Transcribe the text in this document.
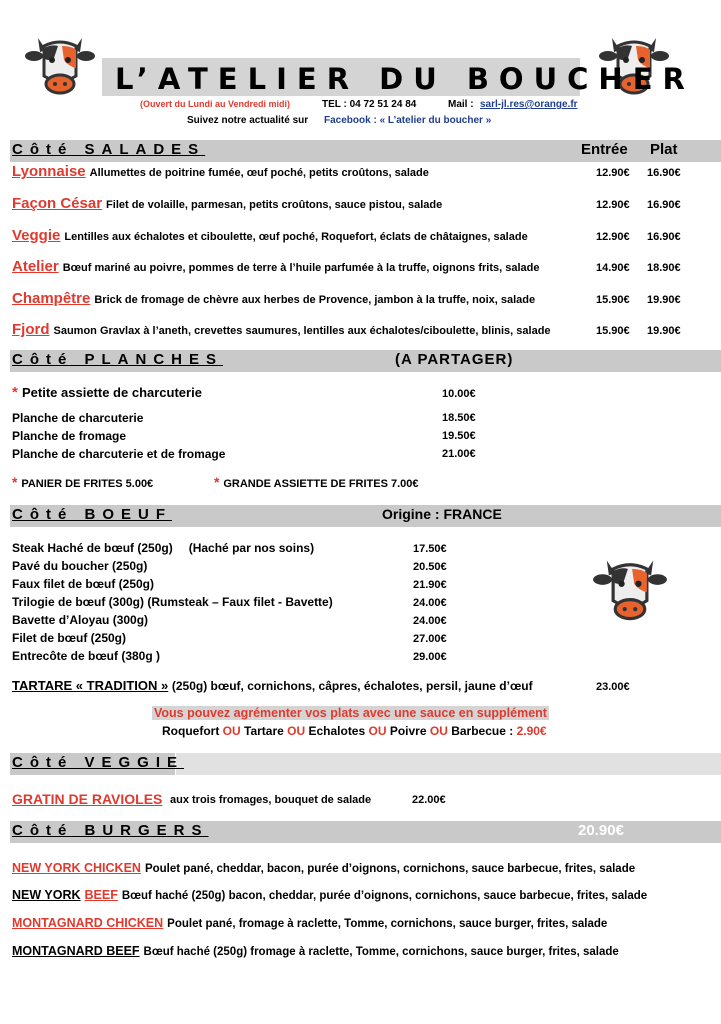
L’ATELIER DU BOUCHER
(Ouvert du Lundi au Vendredi midi)	TEL : 04 72 51 24 84	Mail : sarl-jl.res@orange.fr
Suivez notre actualité sur Facebook : « L’atelier du boucher »
Côté SALADES	Entrée Plat
Lyonnaise Allumettes de poitrine fumée, œuf poché, petits croûtons, salade	12.90€ 16.90€
Façon César Filet de volaille, parmesan, petits croûtons, sauce pistou, salade	12.90€ 16.90€
Veggie Lentilles aux échalotes et ciboulette, œuf poché, Roquefort, éclats de châtaignes, salade	12.90€ 16.90€
Atelier Bœuf mariné au poivre, pommes de terre à l’huile parfumée à la truffe, oignons frits, salade	14.90€ 18.90€
Champêtre Brick de fromage de chèvre aux herbes de Provence, jambon à la truffe, noix, salade	15.90€ 19.90€
Fjord Saumon Gravlax à l’aneth, crevettes saumures, lentilles aux échalotes/ciboulette, blinis, salade	15.90€ 19.90€
Côté PLANCHES	(A PARTAGER)
* Petite assiette de charcuterie	10.00€
Planche de charcuterie	18.50€
Planche de fromage	19.50€
Planche de charcuterie et de fromage	21.00€
* PANIER DE FRITES 5.00€	* GRANDE ASSIETTE DE FRITES 7.00€
Côté BOEUF	Origine : FRANCE
Steak Haché de bœuf (250g) (Haché par nos soins)	17.50€
Pavé du boucher (250g)	20.50€
Faux filet de bœuf (250g)	21.90€
Trilogie de bœuf (300g) (Rumsteak – Faux filet - Bavette)	24.00€
Bavette d’Aloyau (300g)	24.00€
Filet de bœuf (250g)	27.00€
Entrecôte de bœuf (380g )	29.00€
TARTARE « TRADITION » (250g) bœuf, cornichons, câpres, échalotes, persil, jaune d’œuf	23.00€
Vous pouvez agrémenter vos plats avec une sauce en supplément
Roquefort OU Tartare OU Echalotes OU Poivre OU Barbecue : 2.90€
Côté VEGGIE
GRATIN DE RAVIOLES aux trois fromages, bouquet de salade	22.00€
Côté BURGERS	20.90€
NEW YORK CHICKEN Poulet pané, cheddar, bacon, purée d’oignons, cornichons, sauce barbecue, frites, salade
NEW YORK BEEF Bœuf haché (250g) bacon, cheddar, purée d’oignons, cornichons, sauce barbecue, frites, salade
MONTAGNARD CHICKEN Poulet pané, fromage à raclette, Tomme, cornichons, sauce burger, frites, salade
MONTAGNARD BEEF Bœuf haché (250g) fromage à raclette, Tomme, cornichons, sauce burger, frites, salade
